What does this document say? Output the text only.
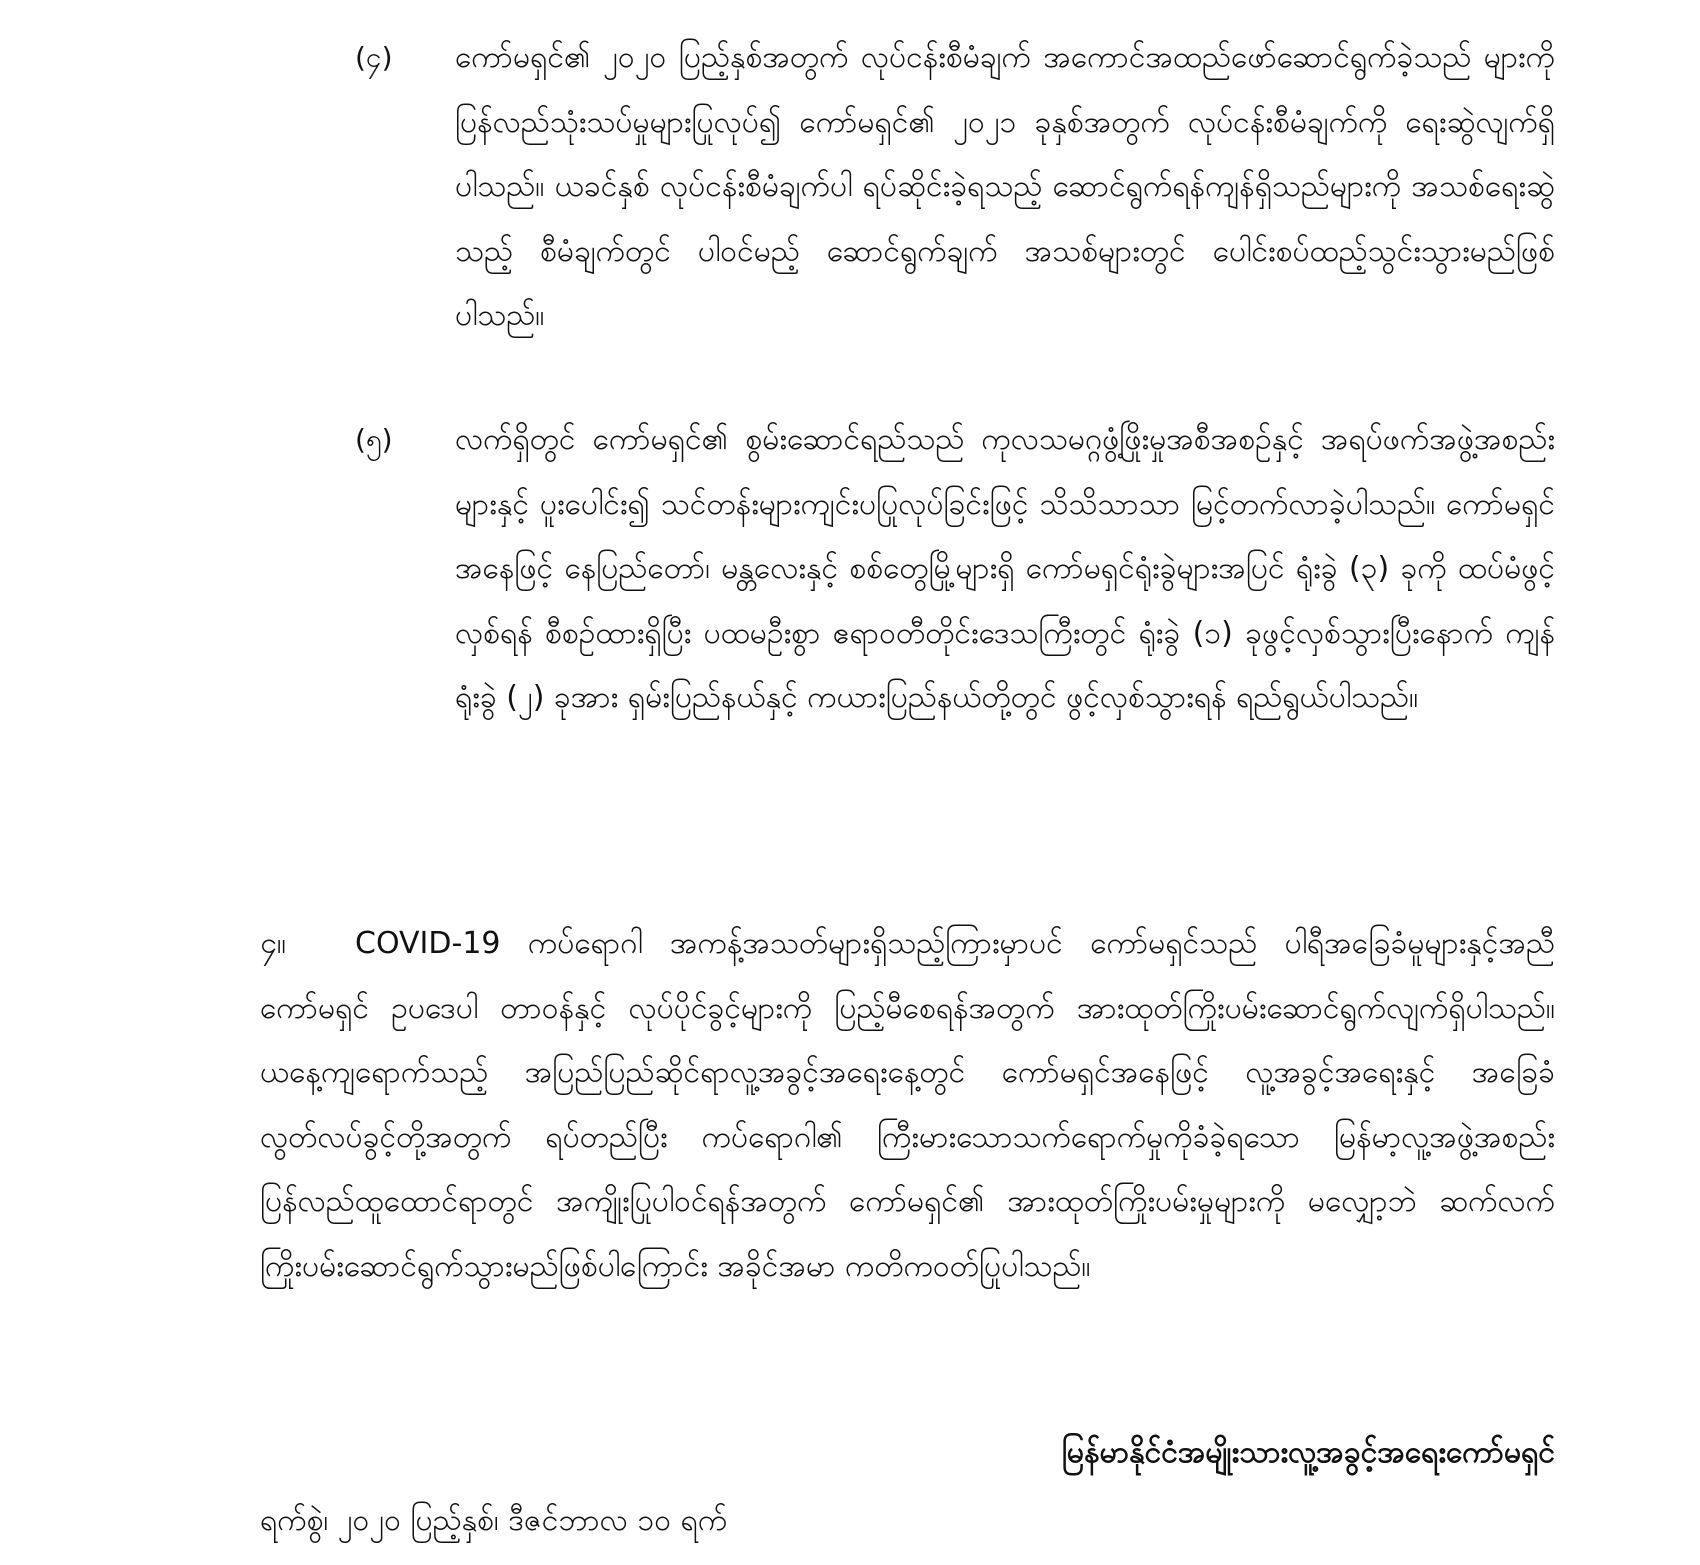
(၄) ကော်မရှင်၏ ၂၀၂၀ ပြည့်နှစ်အတွက် လုပ်ငန်းစီမံချက် အကောင်အထည်ဖော်ဆောင်ရွက်ခဲ့သည် များကို ပြန်လည်သုံးသပ်မှုများပြုလုပ်၍ ကော်မရှင်၏ ၂၀၂၁ ခုနှစ်အတွက် လုပ်ငန်းစီမံချက်ကို ရေးဆွဲလျက်ရှိပါသည်။ ယခင်နှစ် လုပ်ငန်းစီမံချက်ပါ ရပ်ဆိုင်းခဲ့ရသည့် ဆောင်ရွက်ရန်ကျန်ရှိသည်များကို အသစ်ရေးဆွဲသည့် စီမံချက်တွင် ပါဝင်မည့် ဆောင်ရွက်ချက် အသစ်များတွင် ပေါင်းစပ်ထည့်သွင်းသွားမည်ဖြစ်ပါသည်။
(၅) လက်ရှိတွင် ကော်မရှင်၏ စွမ်းဆောင်ရည်သည် ကုလသမဂ္ဂဖွံ့ဖြိုးမှုအစီအစဉ်နှင့် အရပ်ဖက်အဖွဲ့အစည်းများနှင့် ပူးပေါင်း၍ သင်တန်းများကျင်းပပြုလုပ်ခြင်းဖြင့် သိသိသာသာ မြင့်တက်လာခဲ့ပါသည်။ ကော်မရှင်အနေဖြင့် နေပြည်တော်၊ မန္တလေးနှင့် စစ်တွေမြို့များရှိ ကော်မရှင်ရုံးခွဲများအပြင် ရုံးခွဲ (၃) ခုကို ထပ်မံဖွင့်လှစ်ရန် စီစဉ်ထားရှိပြီး ပထမဦးစွာ ဧရာဝတီတိုင်းဒေသကြီးတွင် ရုံးခွဲ (၁) ခုဖွင့်လှစ်သွားပြီးနောက် ကျန်ရုံးခွဲ (၂) ခုအား ရှမ်းပြည်နယ်နှင့် ကယားပြည်နယ်တို့တွင် ဖွင့်လှစ်သွားရန် ရည်ရွယ်ပါသည်။
၄။ COVID-19 ကပ်ရောဂါ အကန့်အသတ်များရှိသည့်ကြားမှာပင် ကော်မရှင်သည် ပါရီအခြေခံမူများနှင့်အညီ ကော်မရှင် ဥပဒေပါ တာဝန်နှင့် လုပ်ပိုင်ခွင့်များကို ပြည့်မီစေရန်အတွက် အားထုတ်ကြိုးပမ်းဆောင်ရွက်လျက်ရှိပါသည်။ ယနေ့ကျရောက်သည့် အပြည်ပြည်ဆိုင်ရာလူ့အခွင့်အရေးနေ့တွင် ကော်မရှင်အနေဖြင့် လူ့အခွင့်အရေးနှင့် အခြေခံလွတ်လပ်ခွင့်တို့အတွက် ရပ်တည်ပြီး ကပ်ရောဂါ၏ ကြီးမားသောသက်ရောက်မှုကိုခံခဲ့ရသော မြန်မာ့လူ့အဖွဲ့အစည်း ပြန်လည်ထူထောင်ရာတွင် အကျိုးပြုပါဝင်ရန်အတွက် ကော်မရှင်၏ အားထုတ်ကြိုးပမ်းမှုများကို မလျှော့ဘဲ ဆက်လက်ကြိုးပမ်းဆောင်ရွက်သွားမည်ဖြစ်ပါကြောင်း အခိုင်အမာ ကတိကဝတ်ပြုပါသည်။
မြန်မာနိုင်ငံအမျိုးသားလူ့အခွင့်အရေးကော်မရှင်
ရက်စွဲ၊ ၂၀၂၀ ပြည့်နှစ်၊ ဒီဇင်ဘာလ ၁၀ ရက်
